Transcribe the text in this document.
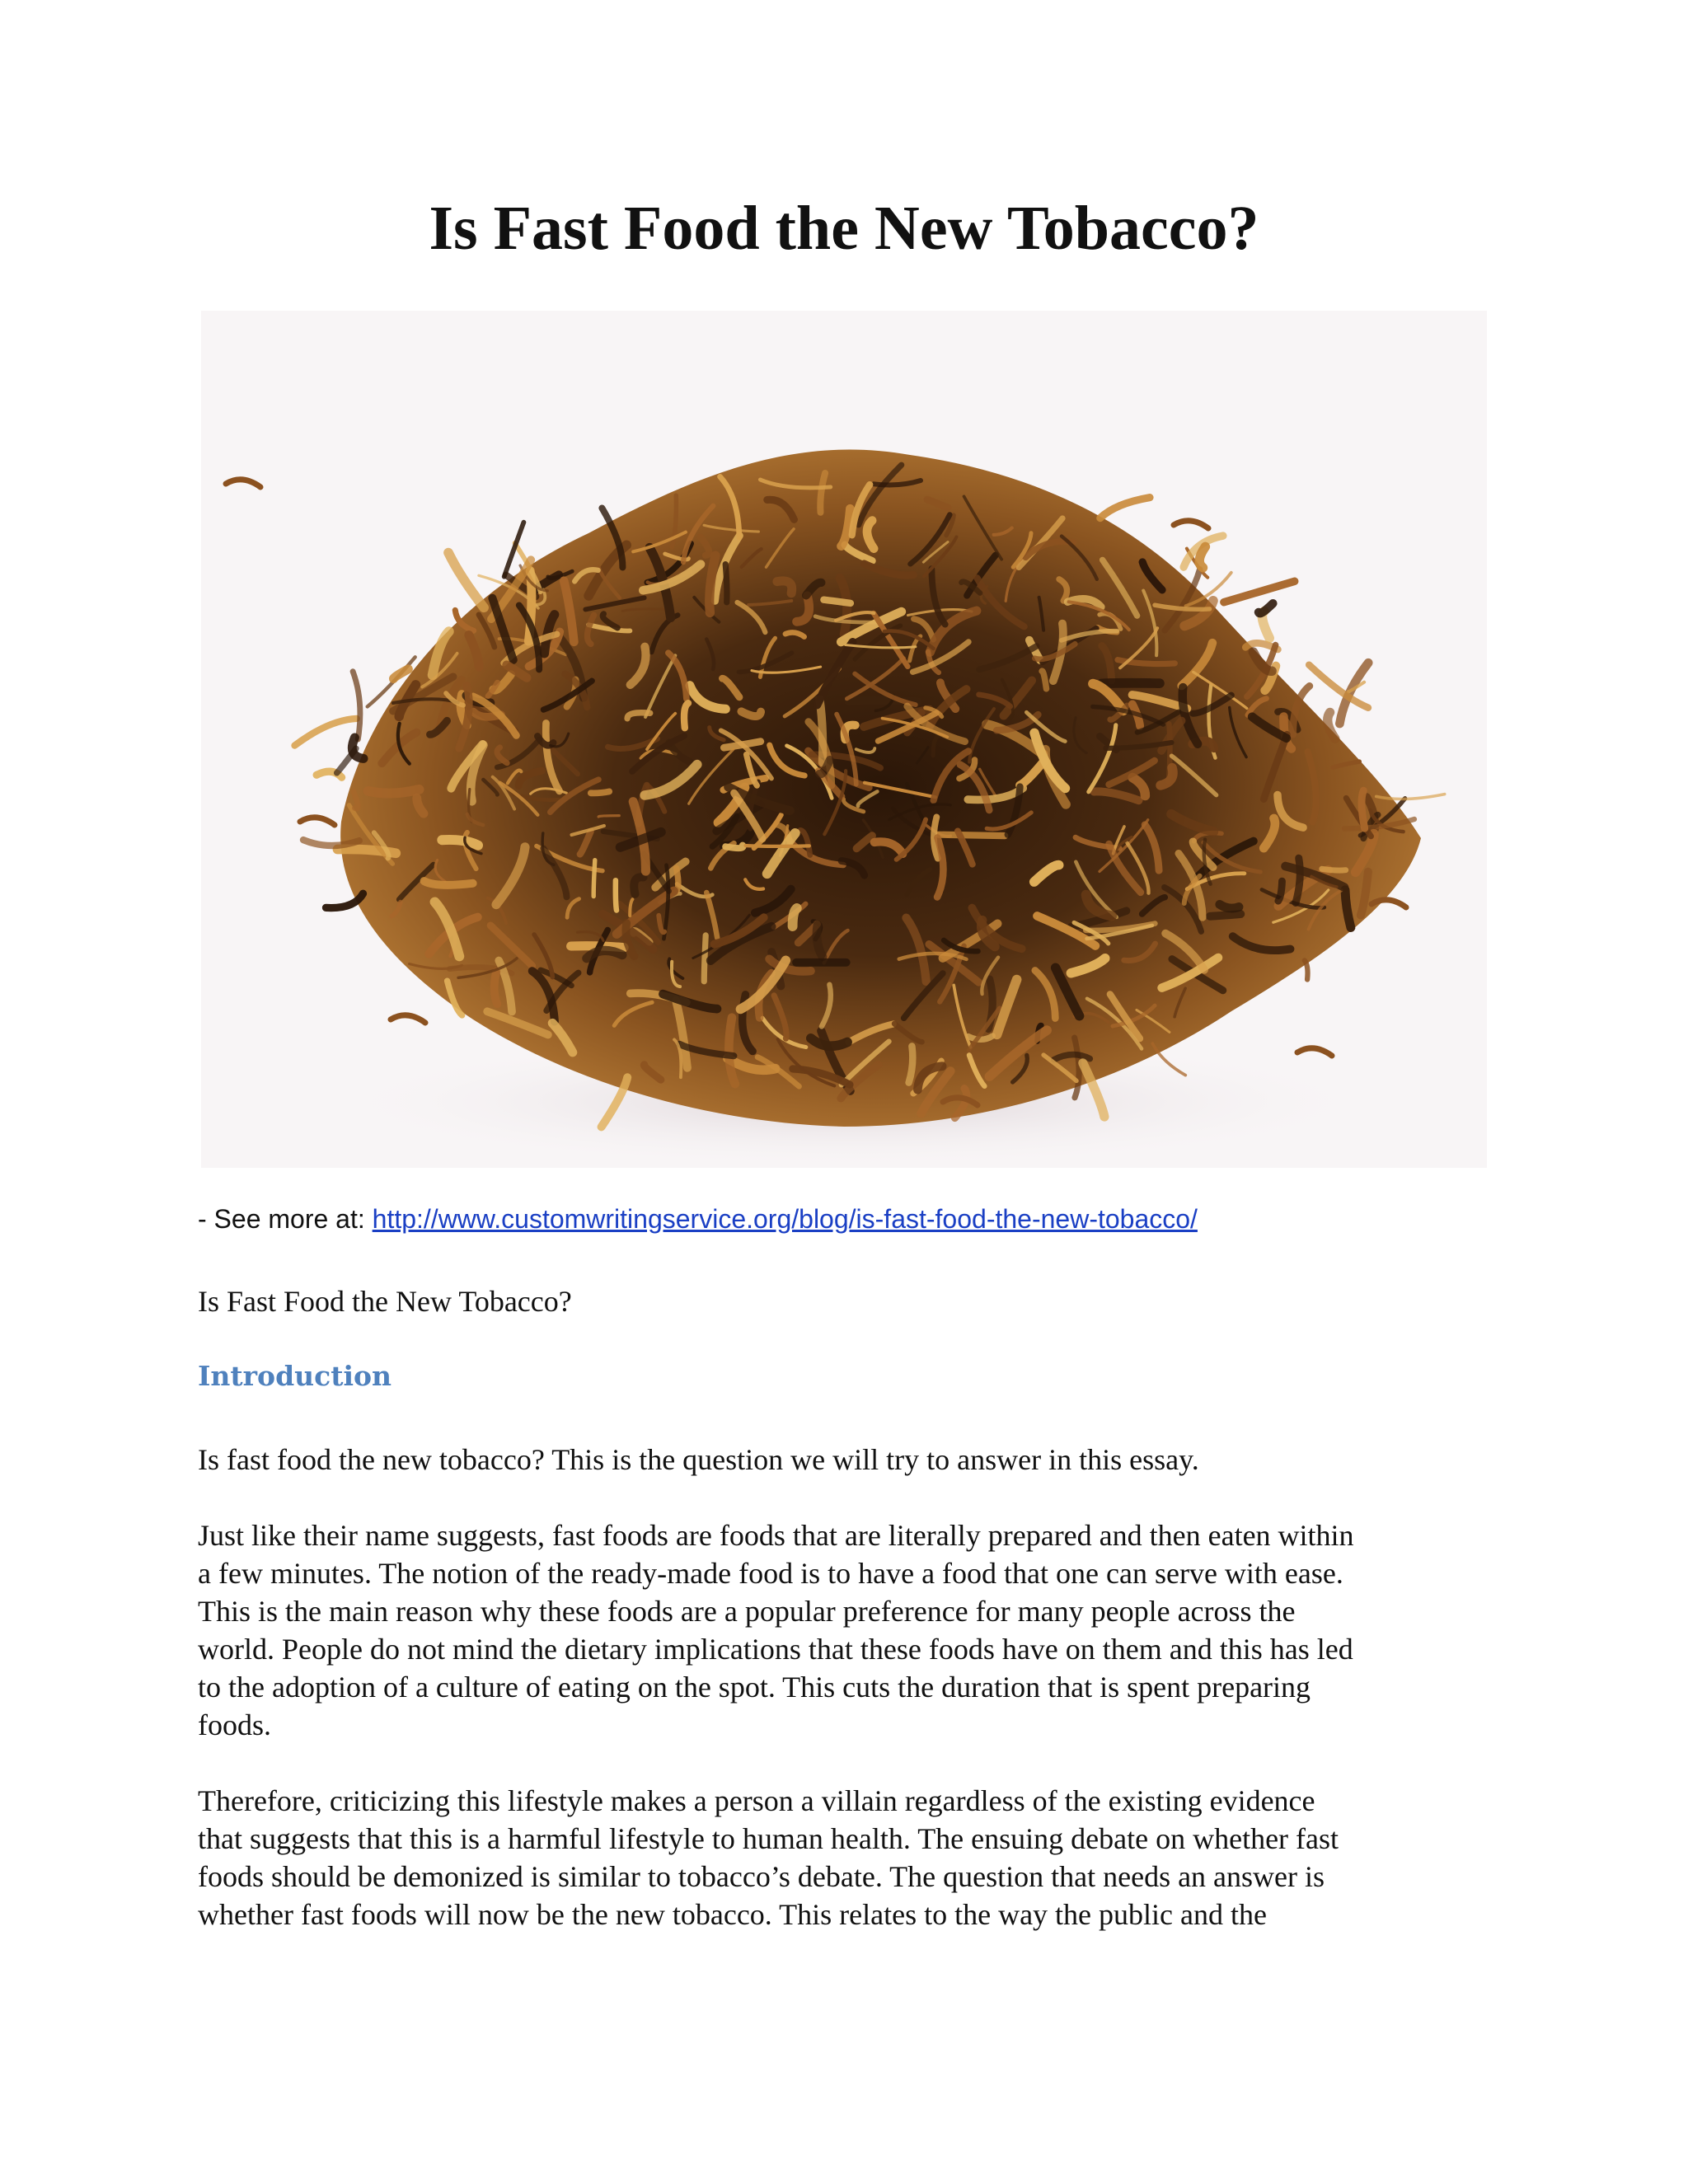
Is Fast Food the New Tobacco?
- See more at: http://www.customwritingservice.org/blog/is-fast-food-the-new-tobacco/
Is Fast Food the New Tobacco?
Introduction

Is fast food the new tobacco? This is the question we will try to answer in this essay.

Just like their name suggests, fast foods are foods that are literally prepared and then eaten within
a few minutes. The notion of the ready-made food is to have a food that one can serve with ease.
This is the main reason why these foods are a popular preference for many people across the
world. People do not mind the dietary implications that these foods have on them and this has led
to the adoption of a culture of eating on the spot. This cuts the duration that is spent preparing
foods.

Therefore, criticizing this lifestyle makes a person a villain regardless of the existing evidence
that suggests that this is a harmful lifestyle to human health. The ensuing debate on whether fast
foods should be demonized is similar to tobacco’s debate. The question that needs an answer is
whether fast foods will now be the new tobacco. This relates to the way the public and the
